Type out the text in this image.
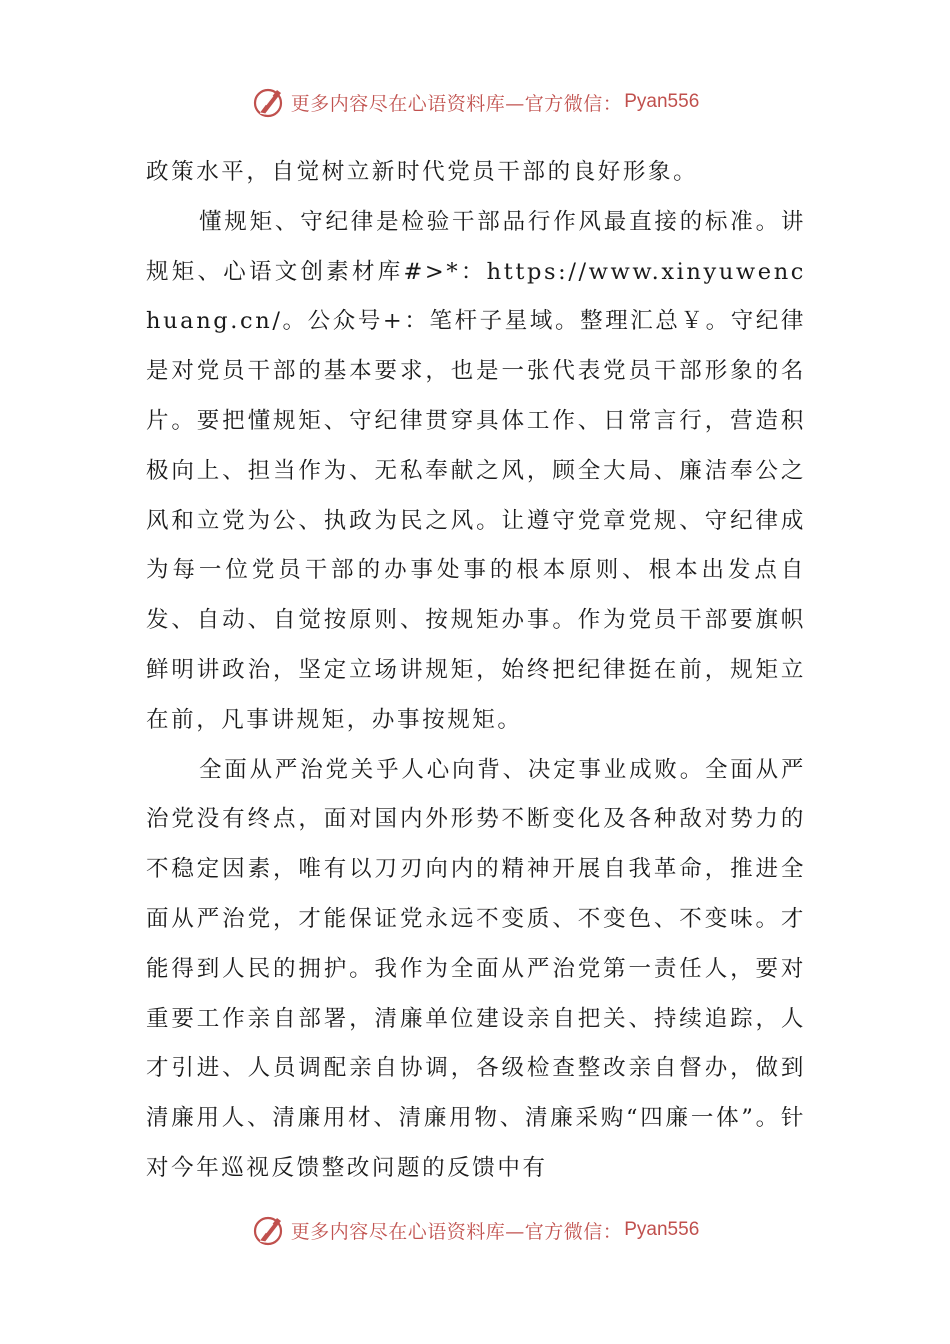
更多内容尽在心语资料库—官方微信： Pyan556

政策水平，自觉树立新时代党员干部的良好形象。

懂规矩、守纪律是检验干部品行作风最直接的标准。讲规矩、心语文创素材库#>*：https://www.xinyuwenchuang.cn/。公众号+：笔杆子星域。整理汇总￥。守纪律是对党员干部的基本要求，也是一张代表党员干部形象的名片。要把懂规矩、守纪律贯穿具体工作、日常言行，营造积极向上、担当作为、无私奉献之风，顾全大局、廉洁奉公之风和立党为公、执政为民之风。让遵守党章党规、守纪律成为每一位党员干部的办事处事的根本原则、根本出发点自发、自动、自觉按原则、按规矩办事。作为党员干部要旗帜鲜明讲政治，坚定立场讲规矩，始终把纪律挺在前，规矩立在前，凡事讲规矩，办事按规矩。

全面从严治党关乎人心向背、决定事业成败。全面从严治党没有终点，面对国内外形势不断变化及各种敌对势力的不稳定因素，唯有以刀刃向内的精神开展自我革命，推进全面从严治党，才能保证党永远不变质、不变色、不变味。才能得到人民的拥护。我作为全面从严治党第一责任人，要对重要工作亲自部署，清廉单位建设亲自把关、持续追踪，人才引进、人员调配亲自协调，各级检查整改亲自督办，做到清廉用人、清廉用材、清廉用物、清廉采购“四廉一体”。针对今年巡视反馈整改问题的反馈中有

更多内容尽在心语资料库—官方微信： Pyan556
